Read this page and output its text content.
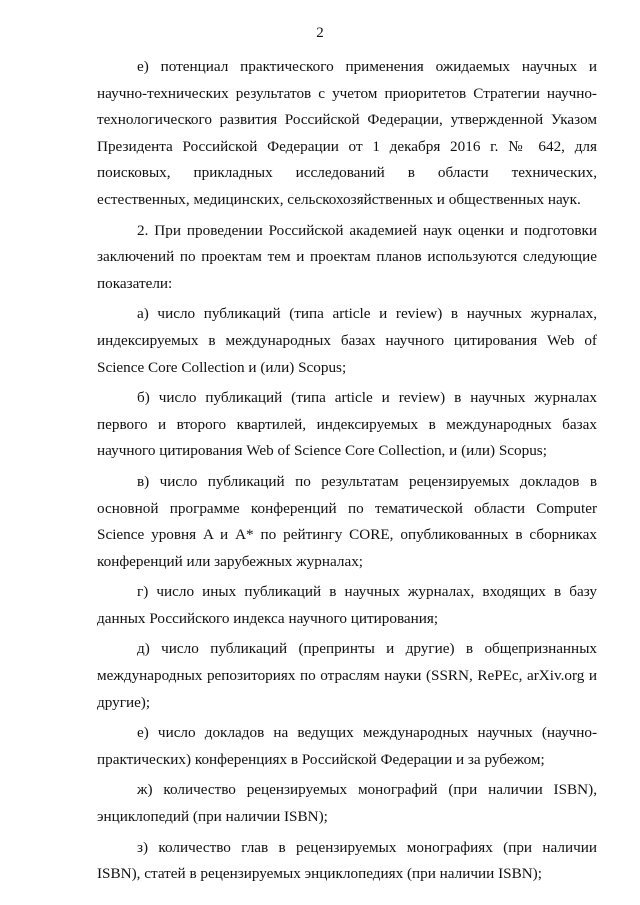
2

е) потенциал практического применения ожидаемых научных и научно-технических результатов с учетом приоритетов Стратегии научно-технологического развития Российской Федерации, утвержденной Указом Президента Российской Федерации от 1 декабря 2016 г. № 642, для поисковых, прикладных исследований в области технических, естественных, медицинских, сельскохозяйственных и общественных наук.

2. При проведении Российской академией наук оценки и подготовки заключений по проектам тем и проектам планов используются следующие показатели:

а) число публикаций (типа article и review) в научных журналах, индексируемых в международных базах научного цитирования Web of Science Core Collection и (или) Scopus;

б) число публикаций (типа article и review) в научных журналах первого и второго квартилей, индексируемых в международных базах научного цитирования Web of Science Core Collection, и (или) Scopus;

в) число публикаций по результатам рецензируемых докладов в основной программе конференций по тематической области Computer Science уровня A и A* по рейтингу CORE, опубликованных в сборниках конференций или зарубежных журналах;

г) число иных публикаций в научных журналах, входящих в базу данных Российского индекса научного цитирования;

д) число публикаций (препринты и другие) в общепризнанных международных репозиториях по отраслям науки (SSRN, RePEc, arXiv.org и другие);

е) число докладов на ведущих международных научных (научно-практических) конференциях в Российской Федерации и за рубежом;

ж) количество рецензируемых монографий (при наличии ISBN), энциклопедий (при наличии ISBN);

з) количество глав в рецензируемых монографиях (при наличии ISBN), статей в рецензируемых энциклопедиях (при наличии ISBN);
